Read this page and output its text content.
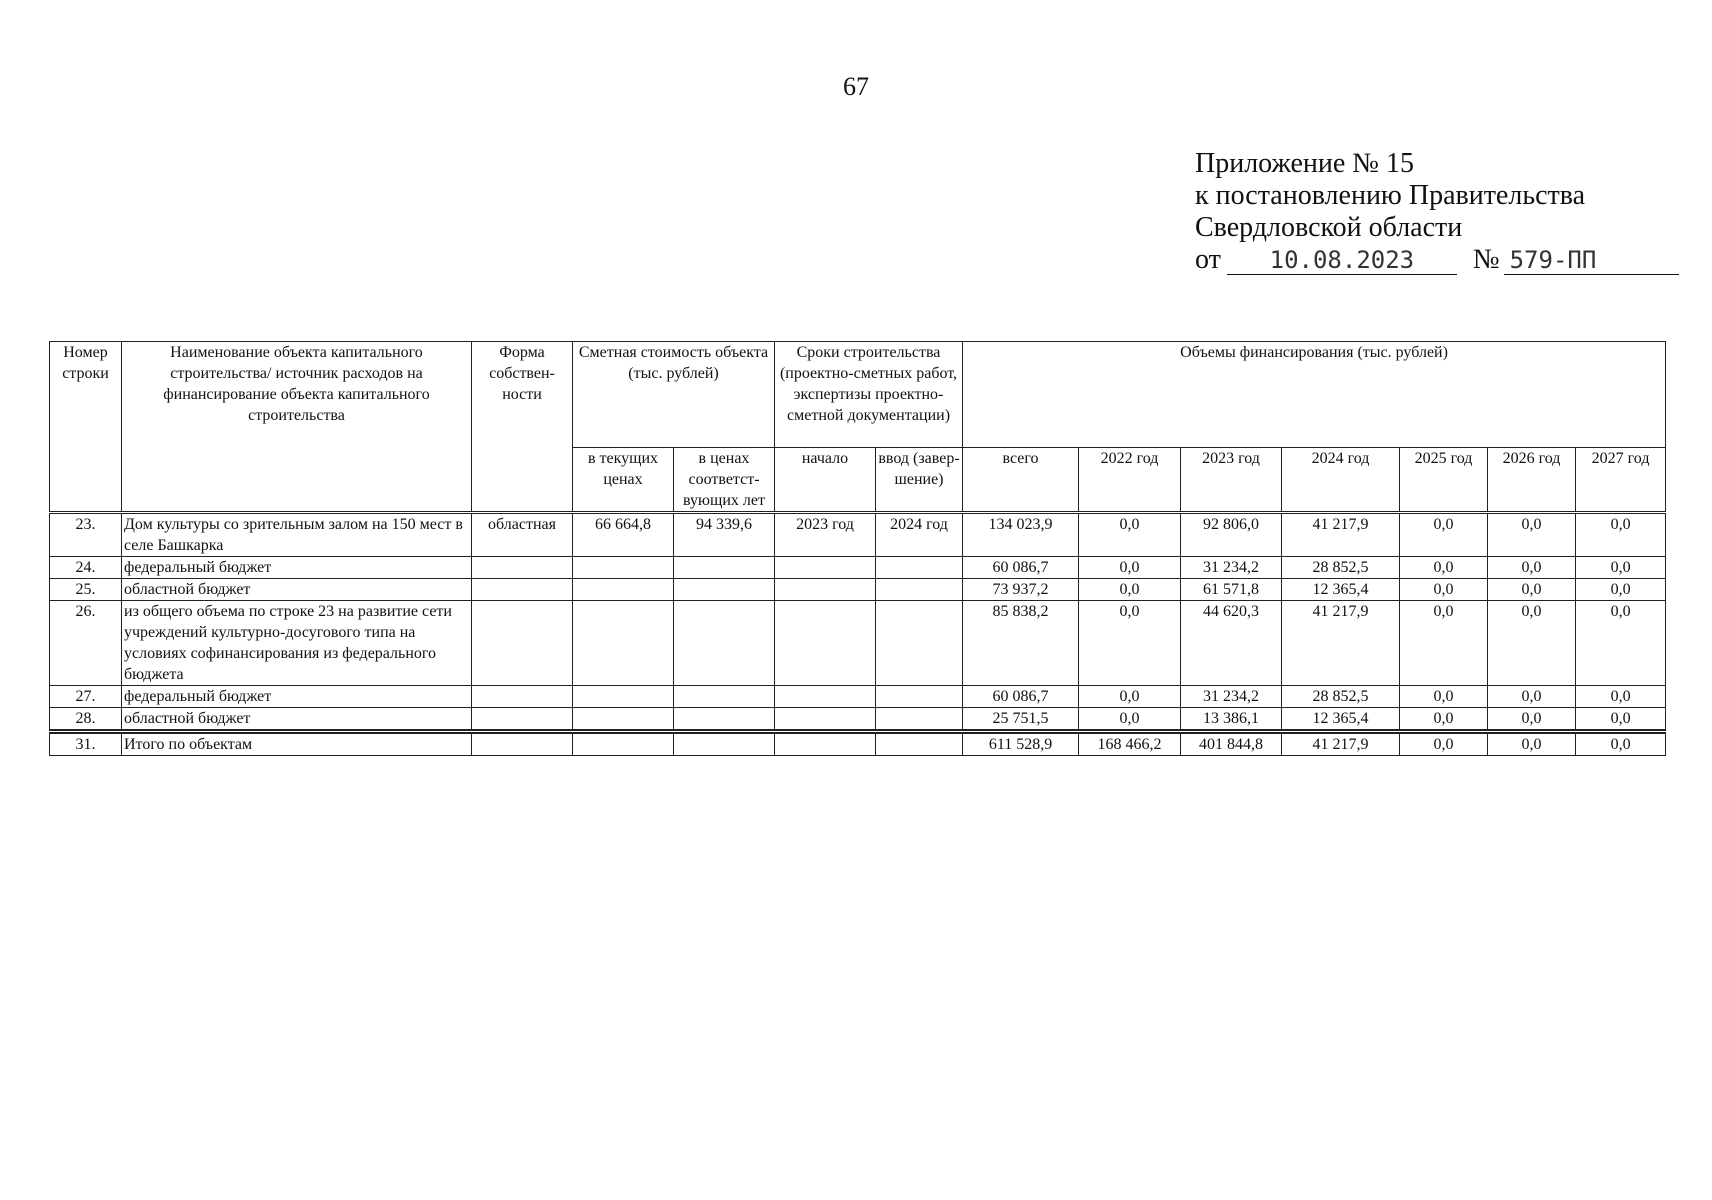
67
Приложение № 15
к постановлению Правительства
Свердловской области
от	10.08.2023	№ 579-ПП
Номер строки	Наименование объекта капитального строительства/ источник расходов на финансирование объекта капитального строительства	Форма собствен-ности	Сметная стоимость объекта (тыс. рублей)		Сроки строительства (проектно-сметных работ, экспертизы проектно-сметной документации)		Объемы финансирования (тыс. рублей)						
			в текущих ценах	в ценах соответст-вующих лет	начало	ввод (завер-шение)	всего	2022 год	2023 год	2024 год	2025 год	2026 год	2027 год
23.	Дом культуры со зрительным залом на 150 мест в селе Башкарка	областная	66 664,8	94 339,6	2023 год	2024 год	134 023,9	0,0	92 806,0	41 217,9	0,0	0,0	0,0
24.	федеральный бюджет						60 086,7	0,0	31 234,2	28 852,5	0,0	0,0	0,0
25.	областной бюджет						73 937,2	0,0	61 571,8	12 365,4	0,0	0,0	0,0
26.	из общего объема по строке 23 на развитие сети учреждений культурно-досугового типа на условиях софинансирования из федерального бюджета						85 838,2	0,0	44 620,3	41 217,9	0,0	0,0	0,0
27.	федеральный бюджет						60 086,7	0,0	31 234,2	28 852,5	0,0	0,0	0,0
28.	областной бюджет						25 751,5	0,0	13 386,1	12 365,4	0,0	0,0	0,0
31.	Итого по объектам						611 528,9	168 466,2	401 844,8	41 217,9	0,0	0,0	0,0
